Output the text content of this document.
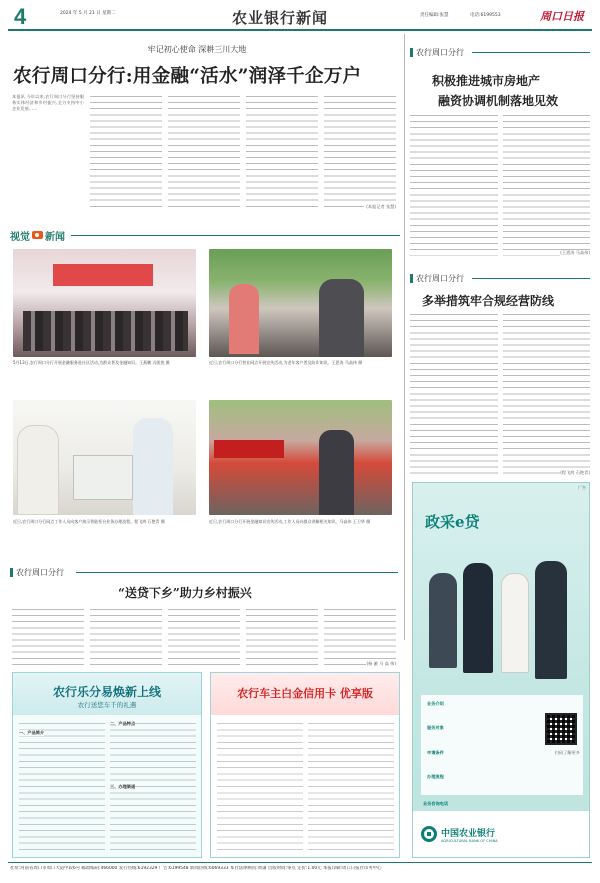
4	2024 年 5 月 21 日 星期二	农业银行新闻	责任编辑:张慧	电话:6199553	周口日报
牢记初心使命 深耕三川大地
农行周口分行:用金融“活水”润泽千企万户
本报讯 今年以来,农行周口分行坚持服务实体经济和乡村振兴,全力支持中小企业发展……
(本报记者 张慧)
农行周口分行
积极推进城市房地产
融资协调机制落地见效
(王恩涛 马高伟)
视觉 新闻
5月13日,农行周口分行开展金融服务进社区活动,为群众普及金融知识。王燕鹏 冯凯悦 摄	近日,农行周口分行营业网点开展宣传活动,为老年客户普及防诈知识。王恩涛 马高伟 摄
近日,农行周口分行网点工作人员向客户演示智能柜台业务办理流程。程飞鸿 石艳青 摄	近日,农行周口分行开展金融知识宣传活动,工作人员向群众讲解相关知识。马高伟 王卫华 摄
农行周口分行
多举措筑牢合规经营防线
(程飞鸿 石艳青)
农行周口分行
“送贷下乡”助力乡村振兴
(杨 澈 马 高 伟)
农行乐分易焕新上线
农行送您车千的礼遇
一、产品简介
二、产品特点
三、办理渠道
农行车主白金信用卡 优享版
广告
政采e贷
业务介绍
服务对象
申请条件
办理流程
扫码了解更多
业务咨询电话
中国农业银行
AGRICULTURAL BANK OF CHINA
社址:河南省周口市周口大道中段6号 邮政编码:466000 发行热线:6192329 广告:6199548 新闻热线:6069333 本社法律顾问:黄谦 出版时间:零点 定价:1.00元 本报印刷:周口日报社印务中心
